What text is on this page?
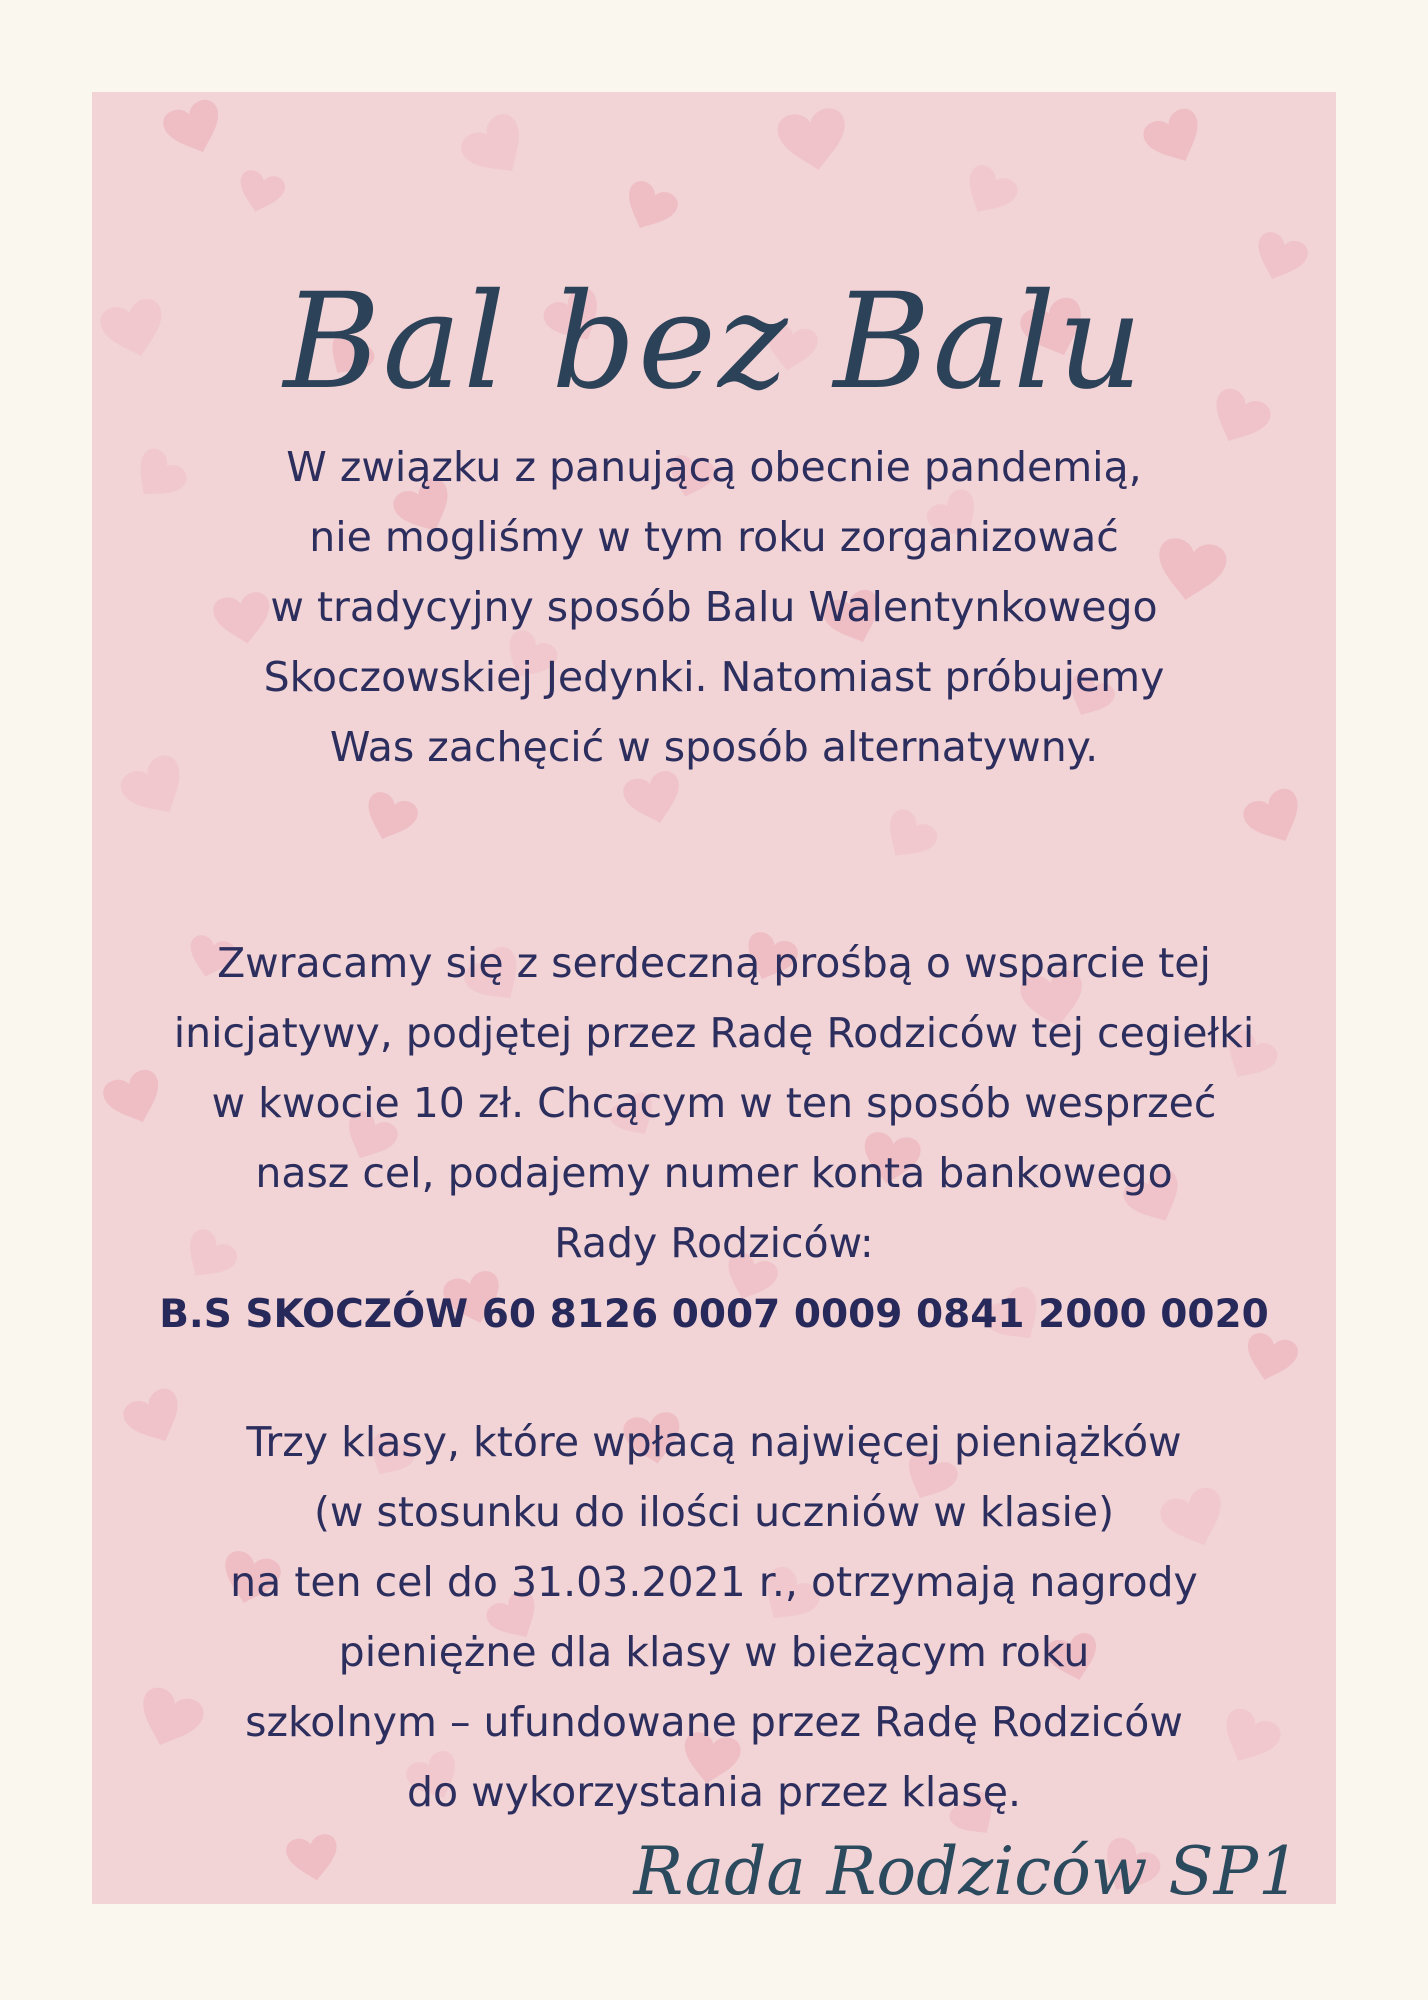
Bal bez Balu
W związku z panującą obecnie pandemią,
nie mogliśmy w tym roku zorganizować
w tradycyjny sposób Balu Walentynkowego
Skoczowskiej Jedynki. Natomiast próbujemy
Was zachęcić w sposób alternatywny.
Zwracamy się z serdeczną prośbą o wsparcie tej
inicjatywy, podjętej przez Radę Rodziców tej cegiełki
w kwocie 10 zł. Chcącym w ten sposób wesprzeć
nasz cel, podajemy numer konta bankowego
Rady Rodziców:
B.S SKOCZÓW 60 8126 0007 0009 0841 2000 0020
Trzy klasy, które wpłacą najwięcej pieniążków
(w stosunku do ilości uczniów w klasie)
na ten cel do 31.03.2021 r., otrzymają nagrody
pieniężne dla klasy w bieżącym roku
szkolnym – ufundowane przez Radę Rodziców
do wykorzystania przez klasę.
Rada Rodziców SP1
